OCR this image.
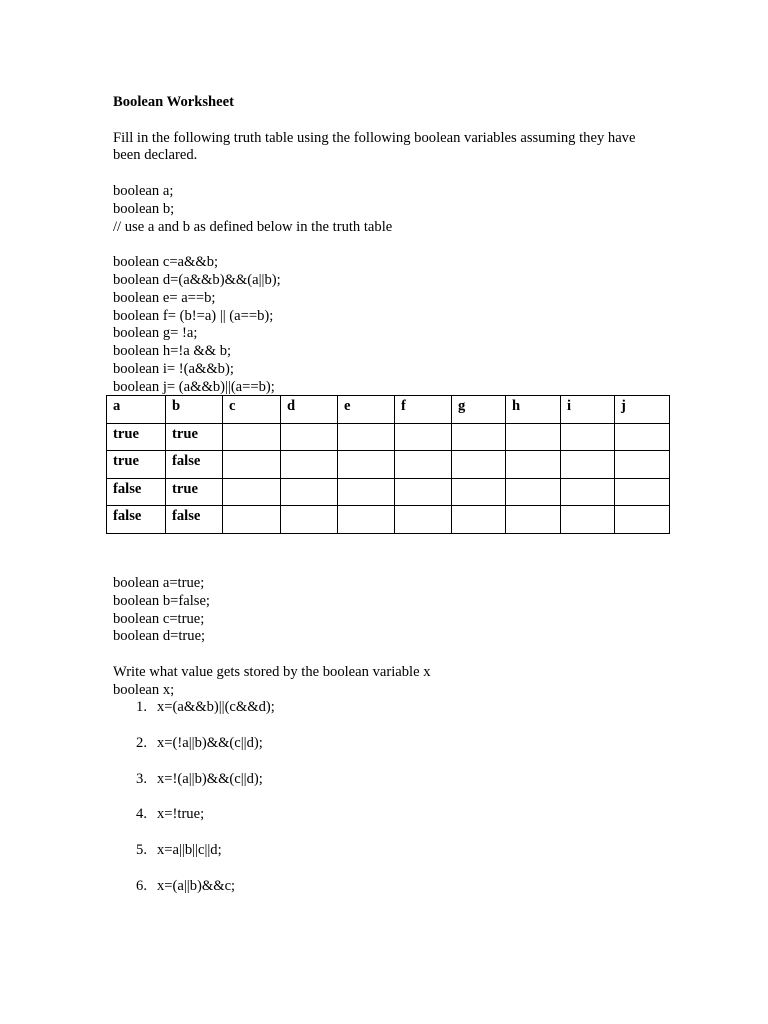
Boolean Worksheet
Fill in the following truth table using the following boolean variables assuming they have
been declared.
boolean a;
boolean b;
// use a and b as defined below in the truth table
boolean c=a&&b;
boolean d=(a&&b)&&(a||b);
boolean e= a==b;
boolean f= (b!=a) || (a==b);
boolean g= !a;
boolean h=!a && b;
boolean i= !(a&&b);
boolean j= (a&&b)||(a==b);
a	b	c	d	e	f	g	h	i	j
true	true								
true	false								
false	true								
false	false								
boolean a=true;
boolean b=false;
boolean c=true;
boolean d=true;
Write what value gets stored by the boolean variable x
boolean x;
1. x=(a&&b)||(c&&d);
2. x=(!a||b)&&(c||d);
3. x=!(a||b)&&(c||d);
4. x=!true;
5. x=a||b||c||d;
6. x=(a||b)&&c;
